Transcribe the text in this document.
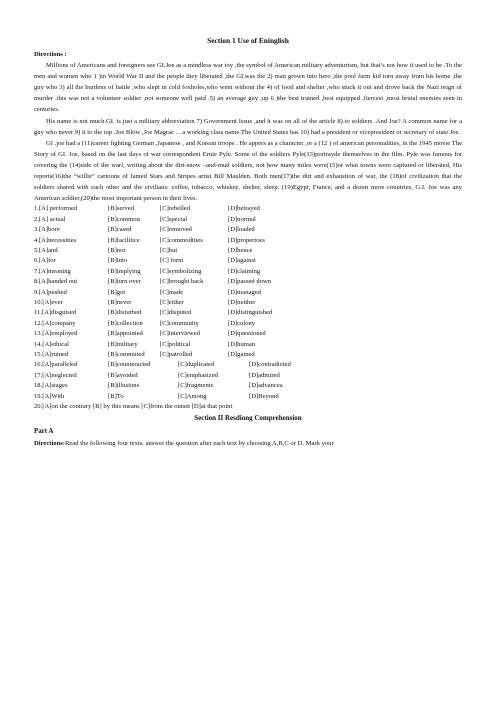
Section 1 Use of Eninglish
Directions :

Millions of Americans and foreigners see GI.Joe as a mindless war toy ,the symbol of American military adventurism, but that’s not how it used to be .To the men and women who 1 )in World War II and the people they liberated ,the GI.was the 2) man grown into hero ,the pool farm kid torn away from his home ,the guy who 3) all the burdens of battle ,who slept in cold foxholes,who went without the 4) of food and shelter ,who stuck it out and drove back the Nazi reign of murder .this was not a volunteer soldier ,not someone well paid .5) an average guy ,up 6 )the best trained ,best equipped ,fiercest ,most brutal enemies seen in centuries.

His name is not much.GI. is just a military abbreviation 7) Government Issue ,and it was on all of the article 8) to soldiers .And Joe? A common name for a guy who never 9) it to the top .Joe Blow ,Joe Magrac …a working class name.The United States has 10) had a president or vicepresident or secretary of state Joe.

GI .joe had a (11)career fighting German ,Japanese , and Korean troops . He appers as a character ,or a (12 ) of american personalities, in the 1945 movie The Story of GI. Joe, based on the last days of war correspondent Ernie Pyle. Some of the soldiers Pyle(13)portrayde themselves in the film. Pyle was famous for covering the (14)side of the warl, writing about the dirt-snow –and-mud soldiers, not how many miles were(15)or what towns were captured or liberated, His reports(16)the “willie” cartoons of famed Stars and Stripes artist Bill Maulden. Both men(17)the dirt and exhaustion of war, the (18)of civilization that the soldiers shared with each other and the civilians: coffee, tobacco, whiskey, shelter, sleep. (19)Egypt, France, and a dozen more countries, G.I. Joe was any American soldier,(20)the most important person in their lives.

1.[A] performed	[B]served	[C]rebelled	[D]betrayed
2.[A] actual	[B]common	[C]special	[D]normal
3.[A]bore	[B]cased	[C]removed	[D]loaded
4.[A]necessities	[B]facilitice	[C]commodities	[D]propertoes
5.[A]and	[B]nor	[C]but	[D]hence
6.[A]for	[B]into	[C] form	[D]against
7.[A]meaning	[B]implying	[C]symbolizing	[D]claiming
8.[A]handed out	[B]turn over	[C]brought back	[D]passed down
9.[A]pushed	[B]got	[C]made	[D]managed
10.[A]ever	[B]never	[C]either	[D]neither
11.[A]disguised	[B]disturbed	[C]disputed	[D]distinguished
12.[A]company	[B]collection	[C]community	[D]colony
13.[A]employed	[B]appointed	[C]interviewed	[D]questioned
14.[A]ethical	[B]military	[C]political	[D]human
15.[A]ruined	[B]commuted	[C]patrolled	[D]gained
16.[A]paralleled	[B]counteracted	[C]duplicated	[D]contradicted
17.[A]neglected	[B]avoided	[C]emphasized	[D]admired
18.[A]stages	[B]illusions	[C]fragments	[D]advancea
19.[A]With	[B]To	[C]Among	[D]Beyond
20.[A]on the contrary [B] by this means [C]from the outset [D]at that point
Section II Resdiong Comprehension
Part A
Directions:Read the following four texts. answer the question after each text by choosing A,B,C or D. Mark your
